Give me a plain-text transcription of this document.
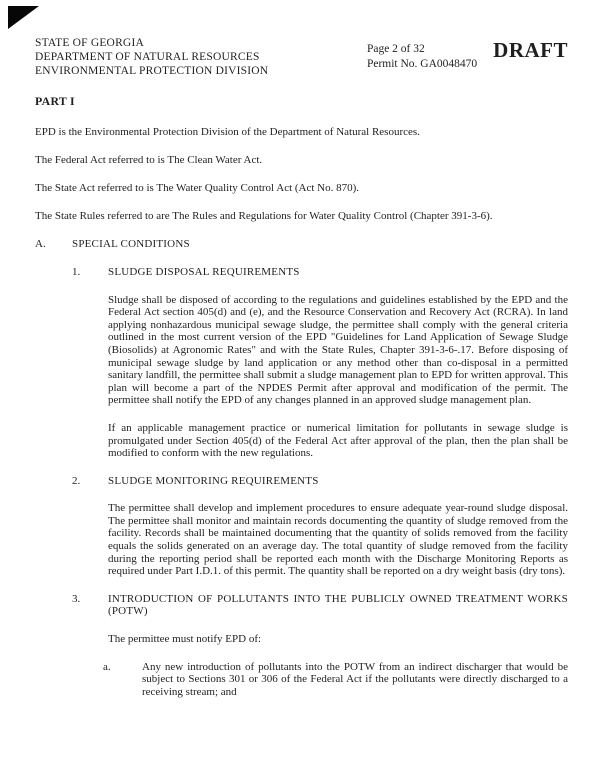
STATE OF GEORGIA
DEPARTMENT OF NATURAL RESOURCES
ENVIRONMENTAL PROTECTION DIVISION
Page 2 of 32
Permit No. GA0048470
DRAFT
PART I

EPD is the Environmental Protection Division of the Department of Natural Resources.

The Federal Act referred to is The Clean Water Act.

The State Act referred to is The Water Quality Control Act (Act No. 870).

The State Rules referred to are The Rules and Regulations for Water Quality Control (Chapter 391-3-6).

A.	SPECIAL CONDITIONS
1.	SLUDGE DISPOSAL REQUIREMENTS

Sludge shall be disposed of according to the regulations and guidelines established by the EPD and the Federal Act section 405(d) and (e), and the Resource Conservation and Recovery Act (RCRA). In land applying nonhazardous municipal sewage sludge, the permittee shall comply with the general criteria outlined in the most current version of the EPD "Guidelines for Land Application of Sewage Sludge (Biosolids) at Agronomic Rates" and with the State Rules, Chapter 391-3-6-.17. Before disposing of municipal sewage sludge by land application or any method other than co-disposal in a permitted sanitary landfill, the permittee shall submit a sludge management plan to EPD for written approval. This plan will become a part of the NPDES Permit after approval and modification of the permit. The permittee shall notify the EPD of any changes planned in an approved sludge management plan.

If an applicable management practice or numerical limitation for pollutants in sewage sludge is promulgated under Section 405(d) of the Federal Act after approval of the plan, then the plan shall be modified to conform with the new regulations.

2.	SLUDGE MONITORING REQUIREMENTS

The permittee shall develop and implement procedures to ensure adequate year-round sludge disposal. The permittee shall monitor and maintain records documenting the quantity of sludge removed from the facility. Records shall be maintained documenting that the quantity of solids removed from the facility equals the solids generated on an average day. The total quantity of sludge removed from the facility during the reporting period shall be reported each month with the Discharge Monitoring Reports as required under Part I.D.1. of this permit. The quantity shall be reported on a dry weight basis (dry tons).

3.	INTRODUCTION OF POLLUTANTS INTO THE PUBLICLY OWNED TREATMENT WORKS (POTW)
The permittee must notify EPD of:
a.	Any new introduction of pollutants into the POTW from an indirect discharger that would be subject to Sections 301 or 306 of the Federal Act if the pollutants were directly discharged to a receiving stream; and
